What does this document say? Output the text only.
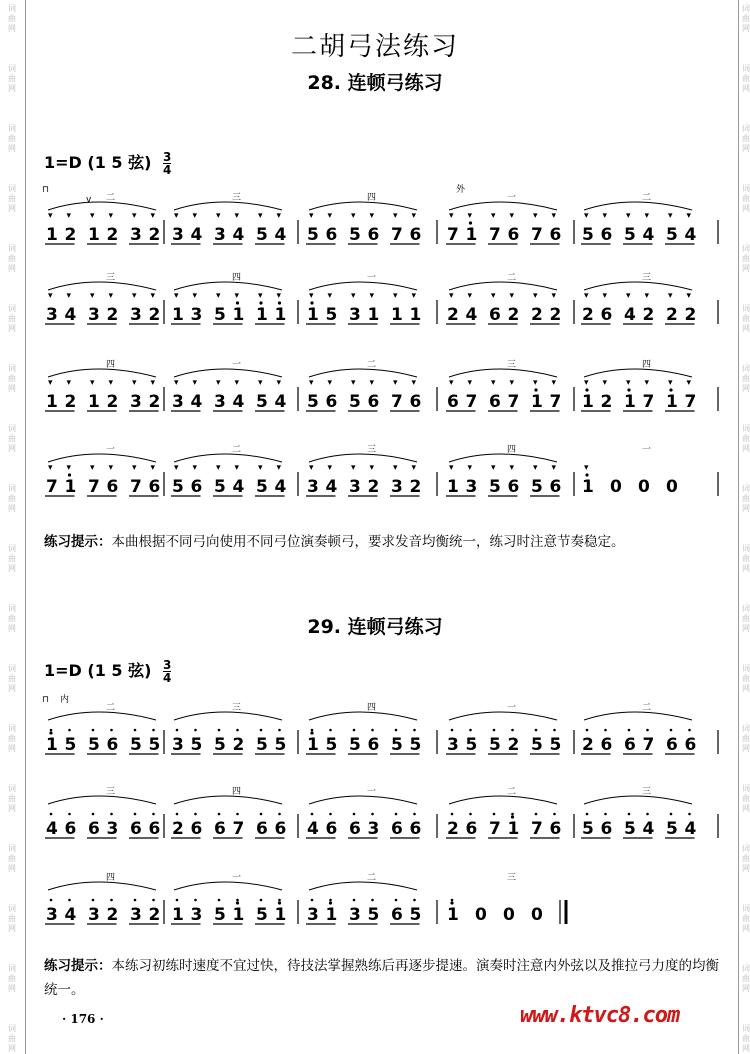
词
曲
网
词
曲
网
词
曲
网
词
曲
网
词
曲
网
词
曲
网
词
曲
网
词
曲
网
词
曲
网
词
曲
网
词
曲
网
词
曲
网
词
曲
网
词
曲
网
词
曲
网
词
曲
网
词
曲
网
词
曲
网
词
曲
网
词
曲
网
词
曲
网
词
曲
网
词
曲
网
词
曲
网
词
曲
网
词
曲
网
词
曲
网
词
曲
网
词
曲
网
词
曲
网
词
曲
网
词
曲
网
词
曲
网
词
曲
网
词
曲
网
词
曲
网
二胡弓法练习
28. 连顿弓练习
1=D (1 5 弦) $\frac{3}{4}$
29. 连顿弓练习
1=D (1 5 弦) $\frac{3}{4}$
1
▾
2
▾
1
▾
2
▾
3
▾
2
▾
二
3
▾
4
▾
3
▾
4
▾
5
▾
4
▾
三
5
▾
6
▾
5
▾
6
▾
7
▾
6
▾
四
7
▾
1
▾
7
▾
6
▾
7
▾
6
▾
一
5
▾
6
▾
5
▾
4
▾
5
▾
4
▾
二
3
▾
4
▾
3
▾
2
▾
3
▾
2
▾
三
1
▾
3
▾
5
▾
1
▾
1
▾
1
▾
四
1
▾
5
▾
3
▾
1
▾
1
▾
1
▾
一
2
▾
4
▾
6
▾
2
▾
2
▾
2
▾
二
2
▾
6
▾
4
▾
2
▾
2
▾
2
▾
三
1
▾
2
▾
1
▾
2
▾
3
▾
2
▾
四
3
▾
4
▾
3
▾
4
▾
5
▾
4
▾
一
5
▾
6
▾
5
▾
6
▾
7
▾
6
▾
二
6
▾
7
▾
6
▾
7
▾
1
▾
7
▾
三
1
▾
2
▾
1
▾
7
▾
1
▾
7
▾
四
7
▾
1
▾
7
▾
6
▾
7
▾
6
▾
一
5
▾
6
▾
5
▾
4
▾
5
▾
4
▾
二
3
▾
4
▾
3
▾
2
▾
3
▾
2
▾
三
1
▾
3
▾
5
▾
6
▾
5
▾
6
▾
四
1
▾
0 0 0
一
1 5 5 6 5 5
二
3 5 5 2 5 5
三
1 5 5 6 5 5
四
3 5 5 2 5 5
一
2 6 6 7 6 6
二
4 6 6 3 6 6
三
2 6 6 7 6 6
四
4 6 6 3 6 6
一
2 6 7 1 7 6
二
5 6 5 4 5 4
三
3 4 3 2 3 2
四
1 3 5 1 5 1
一
3 1 3 5 6 5
二
1 0 0 0
三
⊓
v
⊓
外
内
练习提示：本曲根据不同弓向使用不同弓位演奏顿弓，要求发音均衡统一，练习时注意节奏稳定。
练习提示：本练习初练时速度不宜过快，待技法掌握熟练后再逐步提速。演奏时注意内外弦以及推拉弓力度的均衡统一。
· 176 ·	www.ktvc8.com
